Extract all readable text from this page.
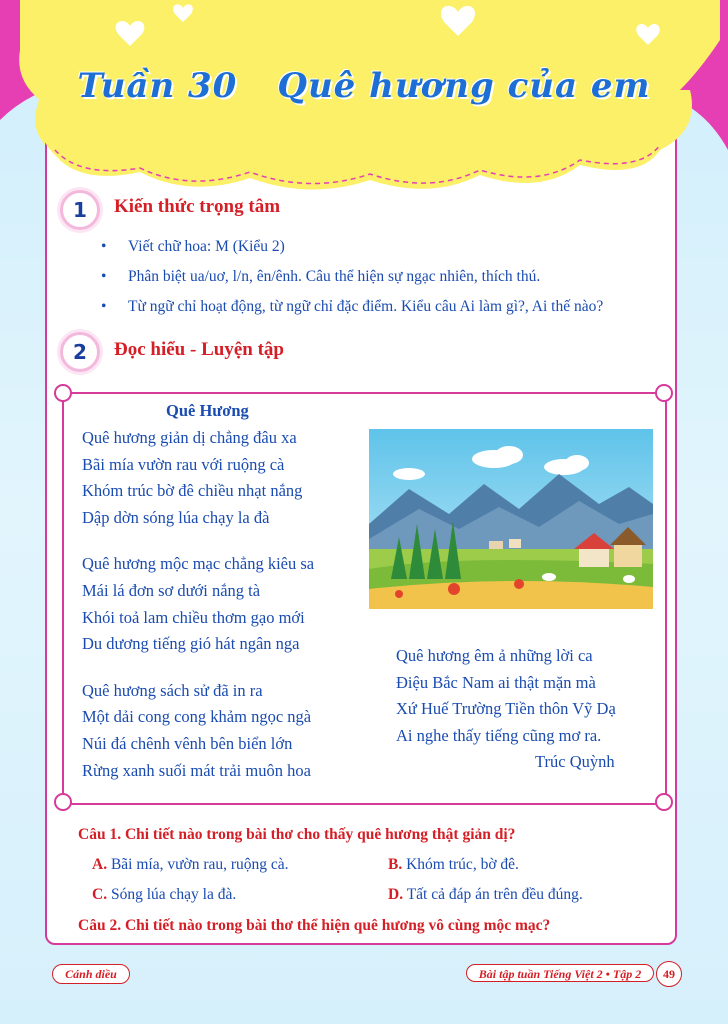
Tuần 30 Quê hương của em
1	Kiến thức trọng tâm
• Viết chữ hoa: M (Kiểu 2)
• Phân biệt ua/uơ, l/n, ên/ênh. Câu thể hiện sự ngạc nhiên, thích thú.
• Từ ngữ chỉ hoạt động, từ ngữ chỉ đặc điểm. Kiểu câu Ai làm gì?, Ai thế nào?
2	Đọc hiểu - Luyện tập
Quê Hương
Quê hương giản dị chẳng đâu xa
Bãi mía vườn rau với ruộng cà
Khóm trúc bờ đê chiều nhạt nắng
Dập dờn sóng lúa chạy la đà
Quê hương mộc mạc chẳng kiêu sa
Mái lá đơn sơ dưới nắng tà
Khói toả lam chiều thơm gạo mới
Du dương tiếng gió hát ngân nga
Quê hương sách sử đã in ra
Một dải cong cong khảm ngọc ngà
Núi đá chênh vênh bên biển lớn
Rừng xanh suối mát trải muôn hoa
Quê hương êm ả những lời ca
Điệu Bắc Nam ai thật mặn mà
Xứ Huế Trường Tiền thôn Vỹ Dạ
Ai nghe thấy tiếng cũng mơ ra.
Trúc Quỳnh
Câu 1. Chi tiết nào trong bài thơ cho thấy quê hương thật giản dị?
A. Bãi mía, vườn rau, ruộng cà.	B. Khóm trúc, bờ đê.
C. Sóng lúa chạy la đà.	D. Tất cả đáp án trên đều đúng.
Câu 2. Chi tiết nào trong bài thơ thể hiện quê hương vô cùng mộc mạc?
Cánh diều	Bài tập tuần Tiếng Việt 2 • Tập 2	49
